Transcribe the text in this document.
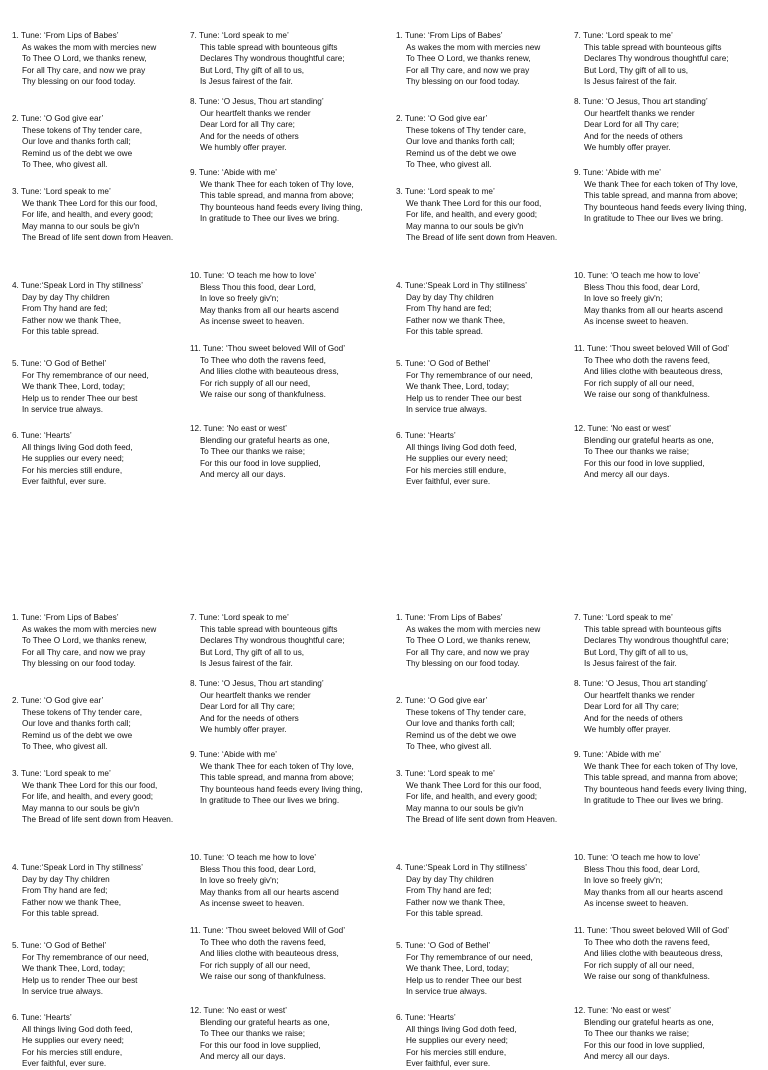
1. Tune: ‘From Lips of Babes’

As wakes the mom with mercies new
To Thee O Lord, we thanks renew,
For all Thy care, and now we pray
Thy blessing on our food today.

2. Tune: ‘O God give ear’

These tokens of Thy tender care,
Our love and thanks forth call;
Remind us of the debt we owe
To Thee, who givest all.

3. Tune: ‘Lord speak to me’

We thank Thee Lord for this our food,
For life, and health, and every good;
May manna to our souls be giv'n
The Bread of life sent down from Heaven.

4. Tune:‘Speak Lord in Thy stillness’

Day by day Thy children
From Thy hand are fed;
Father now we thank Thee,
For this table spread.

5. Tune: ‘O God of Bethel’

For Thy remembrance of our need,
We thank Thee, Lord, today;
Help us to render Thee our best
In service true always.

6. Tune: ‘Hearts’

All things living God doth feed,
He supplies our every need;
For his mercies still endure,
Ever faithful, ever sure.

7. Tune: ‘Lord speak to me’

This table spread with bounteous gifts
Declares Thy wondrous thoughtful care;
But Lord, Thy gift of all to us,
Is Jesus fairest of the fair.

8. Tune: ‘O Jesus, Thou art standing’

Our heartfelt thanks we render
Dear Lord for all Thy care;
And for the needs of others
We humbly offer prayer.

9. Tune: ‘Abide with me’

We thank Thee for each token of Thy love,
This table spread, and manna from above;
Thy bounteous hand feeds every living thing,
In gratitude to Thee our lives we bring.

10. Tune: ‘O teach me how to love’

Bless Thou this food, dear Lord,
In love so freely giv'n;
May thanks from all our hearts ascend
As incense sweet to heaven.

11. Tune: ‘Thou sweet beloved Will of God’

To Thee who doth the ravens feed,
And lilies clothe with beauteous dress,
For rich supply of all our need,
We raise our song of thankfulness.

12. Tune: ‘No east or west’

Blending our grateful hearts as one,
To Thee our thanks we raise;
For this our food in love supplied,
And mercy all our days.

1. Tune: ‘From Lips of Babes’

As wakes the mom with mercies new
To Thee O Lord, we thanks renew,
For all Thy care, and now we pray
Thy blessing on our food today.

2. Tune: ‘O God give ear’

These tokens of Thy tender care,
Our love and thanks forth call;
Remind us of the debt we owe
To Thee, who givest all.

3. Tune: ‘Lord speak to me’

We thank Thee Lord for this our food,
For life, and health, and every good;
May manna to our souls be giv'n
The Bread of life sent down from Heaven.

4. Tune:‘Speak Lord in Thy stillness’

Day by day Thy children
From Thy hand are fed;
Father now we thank Thee,
For this table spread.

5. Tune: ‘O God of Bethel’

For Thy remembrance of our need,
We thank Thee, Lord, today;
Help us to render Thee our best
In service true always.

6. Tune: ‘Hearts’

All things living God doth feed,
He supplies our every need;
For his mercies still endure,
Ever faithful, ever sure.

7. Tune: ‘Lord speak to me’

This table spread with bounteous gifts
Declares Thy wondrous thoughtful care;
But Lord, Thy gift of all to us,
Is Jesus fairest of the fair.

8. Tune: ‘O Jesus, Thou art standing’

Our heartfelt thanks we render
Dear Lord for all Thy care;
And for the needs of others
We humbly offer prayer.

9. Tune: ‘Abide with me’

We thank Thee for each token of Thy love,
This table spread, and manna from above;
Thy bounteous hand feeds every living thing,
In gratitude to Thee our lives we bring.

10. Tune: ‘O teach me how to love’

Bless Thou this food, dear Lord,
In love so freely giv'n;
May thanks from all our hearts ascend
As incense sweet to heaven.

11. Tune: ‘Thou sweet beloved Will of God’

To Thee who doth the ravens feed,
And lilies clothe with beauteous dress,
For rich supply of all our need,
We raise our song of thankfulness.

12. Tune: ‘No east or west’

Blending our grateful hearts as one,
To Thee our thanks we raise;
For this our food in love supplied,
And mercy all our days.

1. Tune: ‘From Lips of Babes’

As wakes the mom with mercies new
To Thee O Lord, we thanks renew,
For all Thy care, and now we pray
Thy blessing on our food today.

2. Tune: ‘O God give ear’

These tokens of Thy tender care,
Our love and thanks forth call;
Remind us of the debt we owe
To Thee, who givest all.

3. Tune: ‘Lord speak to me’

We thank Thee Lord for this our food,
For life, and health, and every good;
May manna to our souls be giv'n
The Bread of life sent down from Heaven.

4. Tune:‘Speak Lord in Thy stillness’

Day by day Thy children
From Thy hand are fed;
Father now we thank Thee,
For this table spread.

5. Tune: ‘O God of Bethel’

For Thy remembrance of our need,
We thank Thee, Lord, today;
Help us to render Thee our best
In service true always.

6. Tune: ‘Hearts’

All things living God doth feed,
He supplies our every need;
For his mercies still endure,
Ever faithful, ever sure.

7. Tune: ‘Lord speak to me’

This table spread with bounteous gifts
Declares Thy wondrous thoughtful care;
But Lord, Thy gift of all to us,
Is Jesus fairest of the fair.

8. Tune: ‘O Jesus, Thou art standing’

Our heartfelt thanks we render
Dear Lord for all Thy care;
And for the needs of others
We humbly offer prayer.

9. Tune: ‘Abide with me’

We thank Thee for each token of Thy love,
This table spread, and manna from above;
Thy bounteous hand feeds every living thing,
In gratitude to Thee our lives we bring.

10. Tune: ‘O teach me how to love’

Bless Thou this food, dear Lord,
In love so freely giv'n;
May thanks from all our hearts ascend
As incense sweet to heaven.

11. Tune: ‘Thou sweet beloved Will of God’

To Thee who doth the ravens feed,
And lilies clothe with beauteous dress,
For rich supply of all our need,
We raise our song of thankfulness.

12. Tune: ‘No east or west’

Blending our grateful hearts as one,
To Thee our thanks we raise;
For this our food in love supplied,
And mercy all our days.

1. Tune: ‘From Lips of Babes’

As wakes the mom with mercies new
To Thee O Lord, we thanks renew,
For all Thy care, and now we pray
Thy blessing on our food today.

2. Tune: ‘O God give ear’

These tokens of Thy tender care,
Our love and thanks forth call;
Remind us of the debt we owe
To Thee, who givest all.

3. Tune: ‘Lord speak to me’

We thank Thee Lord for this our food,
For life, and health, and every good;
May manna to our souls be giv'n
The Bread of life sent down from Heaven.

4. Tune:‘Speak Lord in Thy stillness’

Day by day Thy children
From Thy hand are fed;
Father now we thank Thee,
For this table spread.

5. Tune: ‘O God of Bethel’

For Thy remembrance of our need,
We thank Thee, Lord, today;
Help us to render Thee our best
In service true always.

6. Tune: ‘Hearts’

All things living God doth feed,
He supplies our every need;
For his mercies still endure,
Ever faithful, ever sure.

7. Tune: ‘Lord speak to me’

This table spread with bounteous gifts
Declares Thy wondrous thoughtful care;
But Lord, Thy gift of all to us,
Is Jesus fairest of the fair.

8. Tune: ‘O Jesus, Thou art standing’

Our heartfelt thanks we render
Dear Lord for all Thy care;
And for the needs of others
We humbly offer prayer.

9. Tune: ‘Abide with me’

We thank Thee for each token of Thy love,
This table spread, and manna from above;
Thy bounteous hand feeds every living thing,
In gratitude to Thee our lives we bring.

10. Tune: ‘O teach me how to love’

Bless Thou this food, dear Lord,
In love so freely giv'n;
May thanks from all our hearts ascend
As incense sweet to heaven.

11. Tune: ‘Thou sweet beloved Will of God’

To Thee who doth the ravens feed,
And lilies clothe with beauteous dress,
For rich supply of all our need,
We raise our song of thankfulness.

12. Tune: ‘No east or west’

Blending our grateful hearts as one,
To Thee our thanks we raise;
For this our food in love supplied,
And mercy all our days.
